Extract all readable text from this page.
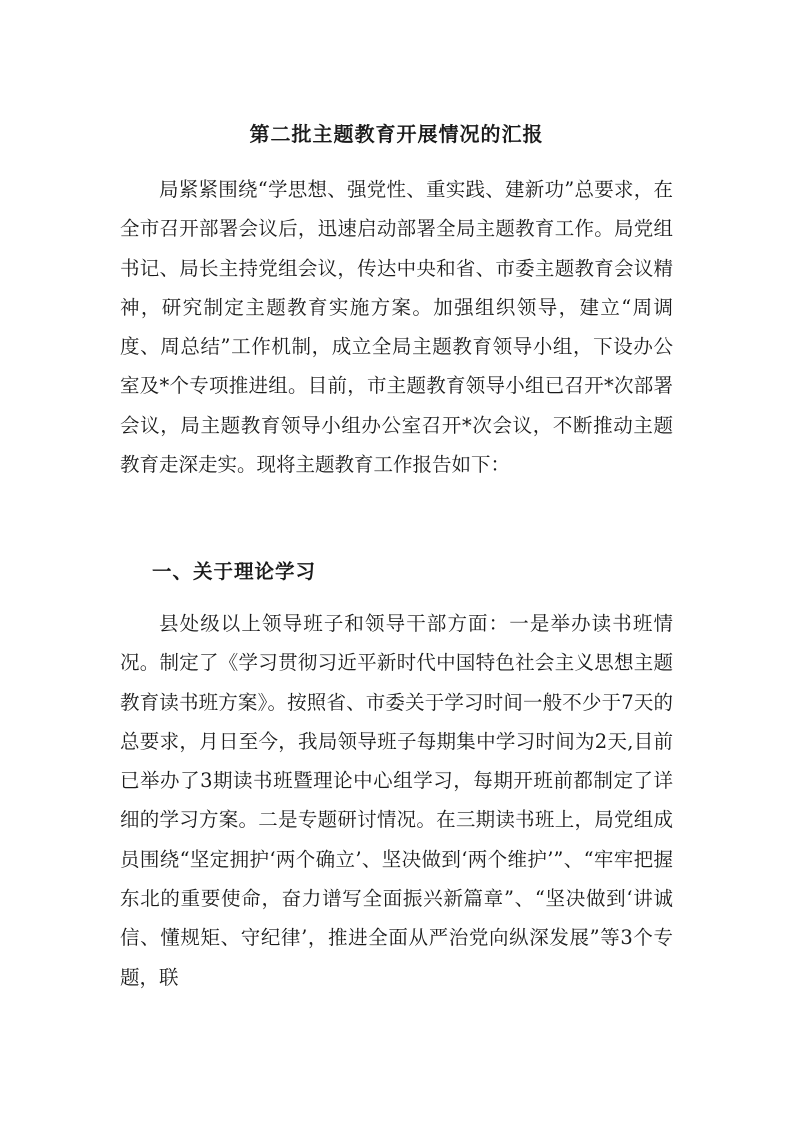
第二批主题教育开展情况的汇报

局紧紧围绕“学思想、强党性、重实践、建新功”总要求，在全市召开部署会议后，迅速启动部署全局主题教育工作。局党组书记、局长主持党组会议，传达中央和省、市委主题教育会议精神，研究制定主题教育实施方案。加强组织领导，建立“周调度、周总结”工作机制，成立全局主题教育领导小组，下设办公室及*个专项推进组。目前，市主题教育领导小组已召开*次部署会议，局主题教育领导小组办公室召开*次会议，不断推动主题教育走深走实。现将主题教育工作报告如下：

一、关于理论学习

县处级以上领导班子和领导干部方面：一是举办读书班情况。制定了《学习贯彻习近平新时代中国特色社会主义思想主题教育读书班方案》。按照省、市委关于学习时间一般不少于7天的总要求，月日至今，我局领导班子每期集中学习时间为2天,目前已举办了3期读书班暨理论中心组学习，每期开班前都制定了详细的学习方案。二是专题研讨情况。在三期读书班上，局党组成员围绕“坚定拥护‘两个确立’、坚决做到‘两个维护’”、“牢牢把握东北的重要使命，奋力谱写全面振兴新篇章”、“坚决做到‘讲诚信、懂规矩、守纪律’，推进全面从严治党向纵深发展”等3个专题，联
